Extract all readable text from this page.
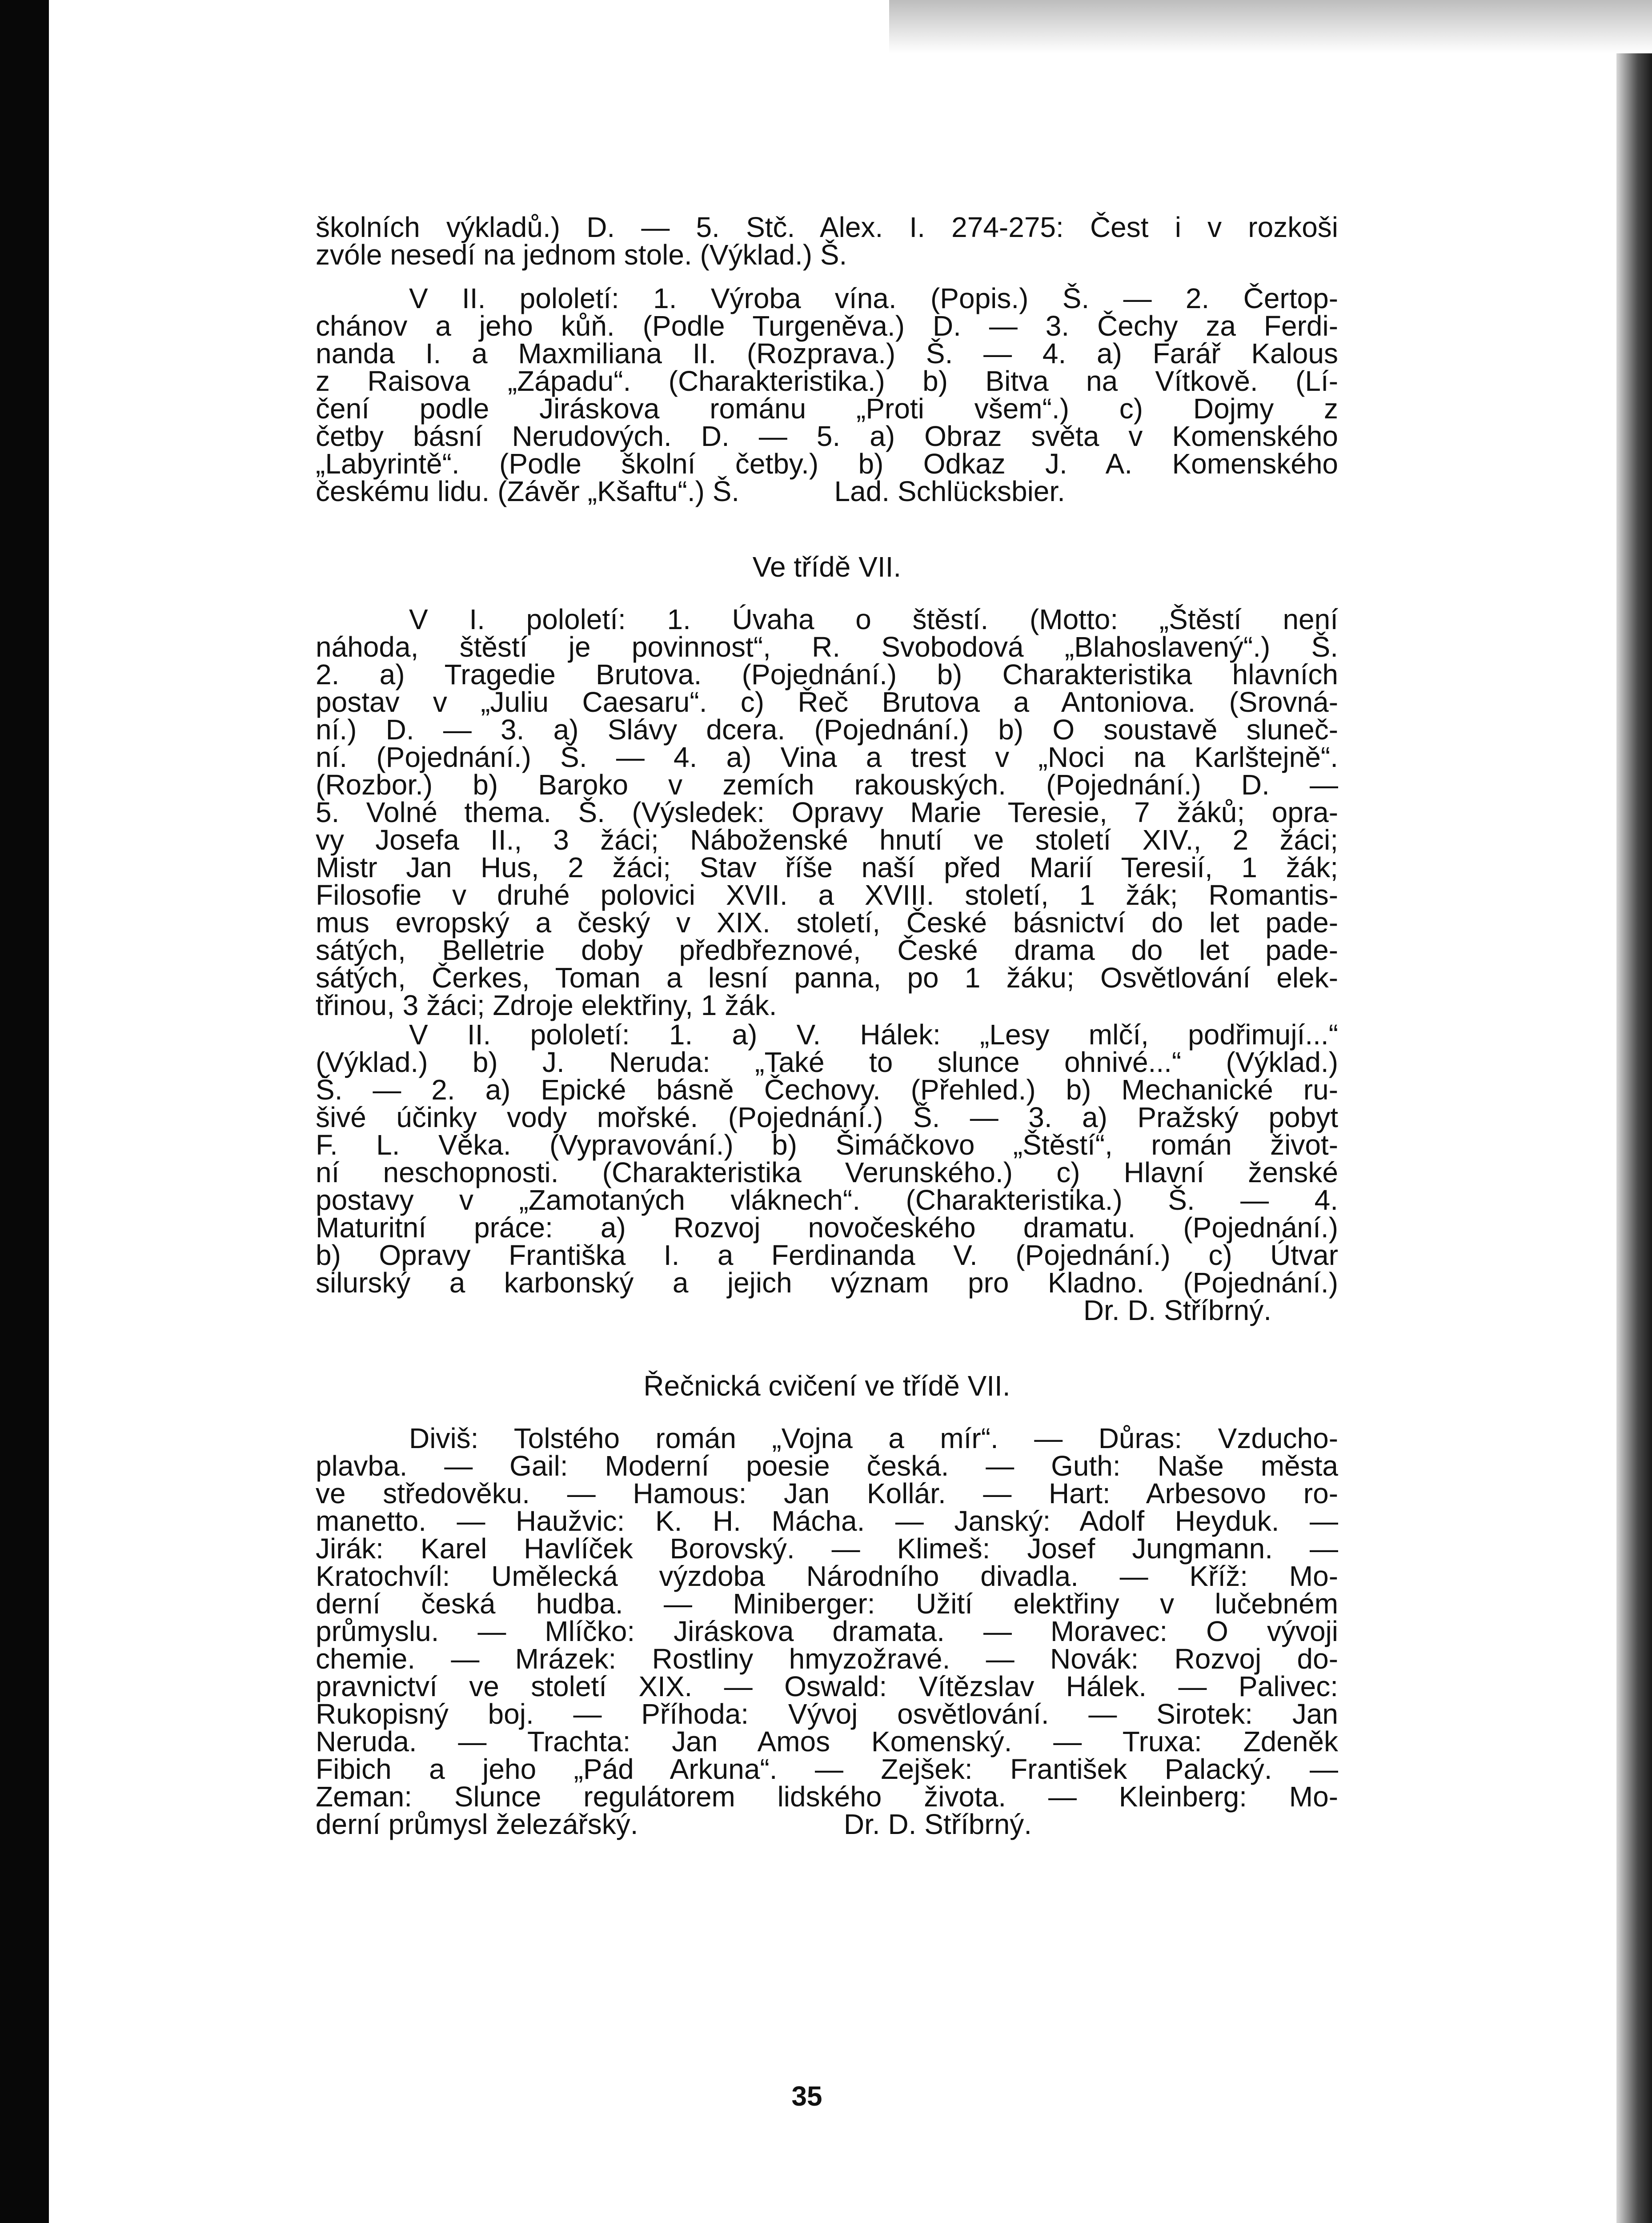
školních výkladů.) D. — 5. Stč. Alex. I. 274-275: Čest i v rozkoši
zvóle nesedí na jednom stole. (Výklad.) Š.

V II. pololetí: 1. Výroba vína. (Popis.) Š. — 2. Čertop-
chánov a jeho kůň. (Podle Turgeněva.) D. — 3. Čechy za Ferdi-
nanda I. a Maxmiliana II. (Rozprava.) Š. — 4. a) Farář Kalous
z Raisova „Západu“. (Charakteristika.) b) Bitva na Vítkově. (Lí-
čení podle Jiráskova románu „Proti všem“.) c) Dojmy z
četby básní Nerudových. D. — 5. a) Obraz světa v Komenského
„Labyrintě“. (Podle školní četby.) b) Odkaz J. A. Komenského
českému lidu. (Závěr „Kšaftu“.) Š.            Lad. Schlücksbier.

Ve třídě VII.

V I. pololetí: 1. Úvaha o štěstí. (Motto: „Štěstí není
náhoda, štěstí je povinnost“, R. Svobodová „Blahoslavený“.) Š.
2. a) Tragedie Brutova. (Pojednání.) b) Charakteristika hlavních
postav v „Juliu Caesaru“. c) Řeč Brutova a Antoniova. (Srovná-
ní.) D. — 3. a) Slávy dcera. (Pojednání.) b) O soustavě sluneč-
ní. (Pojednání.) Š. — 4. a) Vina a trest v „Noci na Karlštejně“.
(Rozbor.) b) Baroko v zemích rakouských. (Pojednání.) D. —
5. Volné thema. Š. (Výsledek: Opravy Marie Teresie, 7 žáků; opra-
vy Josefa II., 3 žáci; Náboženské hnutí ve století XIV., 2 žáci;
Mistr Jan Hus, 2 žáci; Stav říše naší před Marií Teresií, 1 žák;
Filosofie v druhé polovici XVII. a XVIII. století, 1 žák; Romantis-
mus evropský a český v XIX. století, České básnictví do let pade-
sátých, Belletrie doby předbřeznové, České drama do let pade-
sátých, Čerkes, Toman a lesní panna, po 1 žáku; Osvětlování elek-
třinou, 3 žáci; Zdroje elektřiny, 1 žák.

V II. pololetí: 1. a) V. Hálek: „Lesy mlčí, podřimují...“
(Výklad.) b) J. Neruda: „Také to slunce ohnivé...“ (Výklad.)
Š. — 2. a) Epické básně Čechovy. (Přehled.) b) Mechanické ru-
šivé účinky vody mořské. (Pojednání.) Š. — 3. a) Pražský pobyt
F. L. Věka. (Vypravování.) b) Šimáčkovo „Štěstí“, román život-
ní neschopnosti. (Charakteristika Verunského.) c) Hlavní ženské
postavy v „Zamotaných vláknech“. (Charakteristika.) Š. — 4.
Maturitní práce: a) Rozvoj novočeského dramatu. (Pojednání.)
b) Opravy Františka I. a Ferdinanda V. (Pojednání.) c) Útvar
silurský a karbonský a jejich význam pro Kladno. (Pojednání.)

Dr. D. Stříbrný.

Řečnická cvičení ve třídě VII.

Diviš: Tolstého román „Vojna a mír“. — Důras: Vzducho-
plavba. — Gail: Moderní poesie česká. — Guth: Naše města
ve středověku. — Hamous: Jan Kollár. — Hart: Arbesovo ro-
manetto. — Haužvic: K. H. Mácha. — Janský: Adolf Heyduk. —
Jirák: Karel Havlíček Borovský. — Klimeš: Josef Jungmann. —
Kratochvíl: Umělecká výzdoba Národního divadla. — Kříž: Mo-
derní česká hudba. — Miniberger: Užití elektřiny v lučebném
průmyslu. — Mlíčko: Jiráskova dramata. — Moravec: O vývoji
chemie. — Mrázek: Rostliny hmyzožravé. — Novák: Rozvoj do-
pravnictví ve století XIX. — Oswald: Vítězslav Hálek. — Palivec:
Rukopisný boj. — Příhoda: Vývoj osvětlování. — Sirotek: Jan
Neruda. — Trachta: Jan Amos Komenský. — Truxa: Zdeněk
Fibich a jeho „Pád Arkuna“. — Zejšek: František Palacký. —
Zeman: Slunce regulátorem lidského života. — Kleinberg: Mo-
derní průmysl železářský.                          Dr. D. Stříbrný.

35
